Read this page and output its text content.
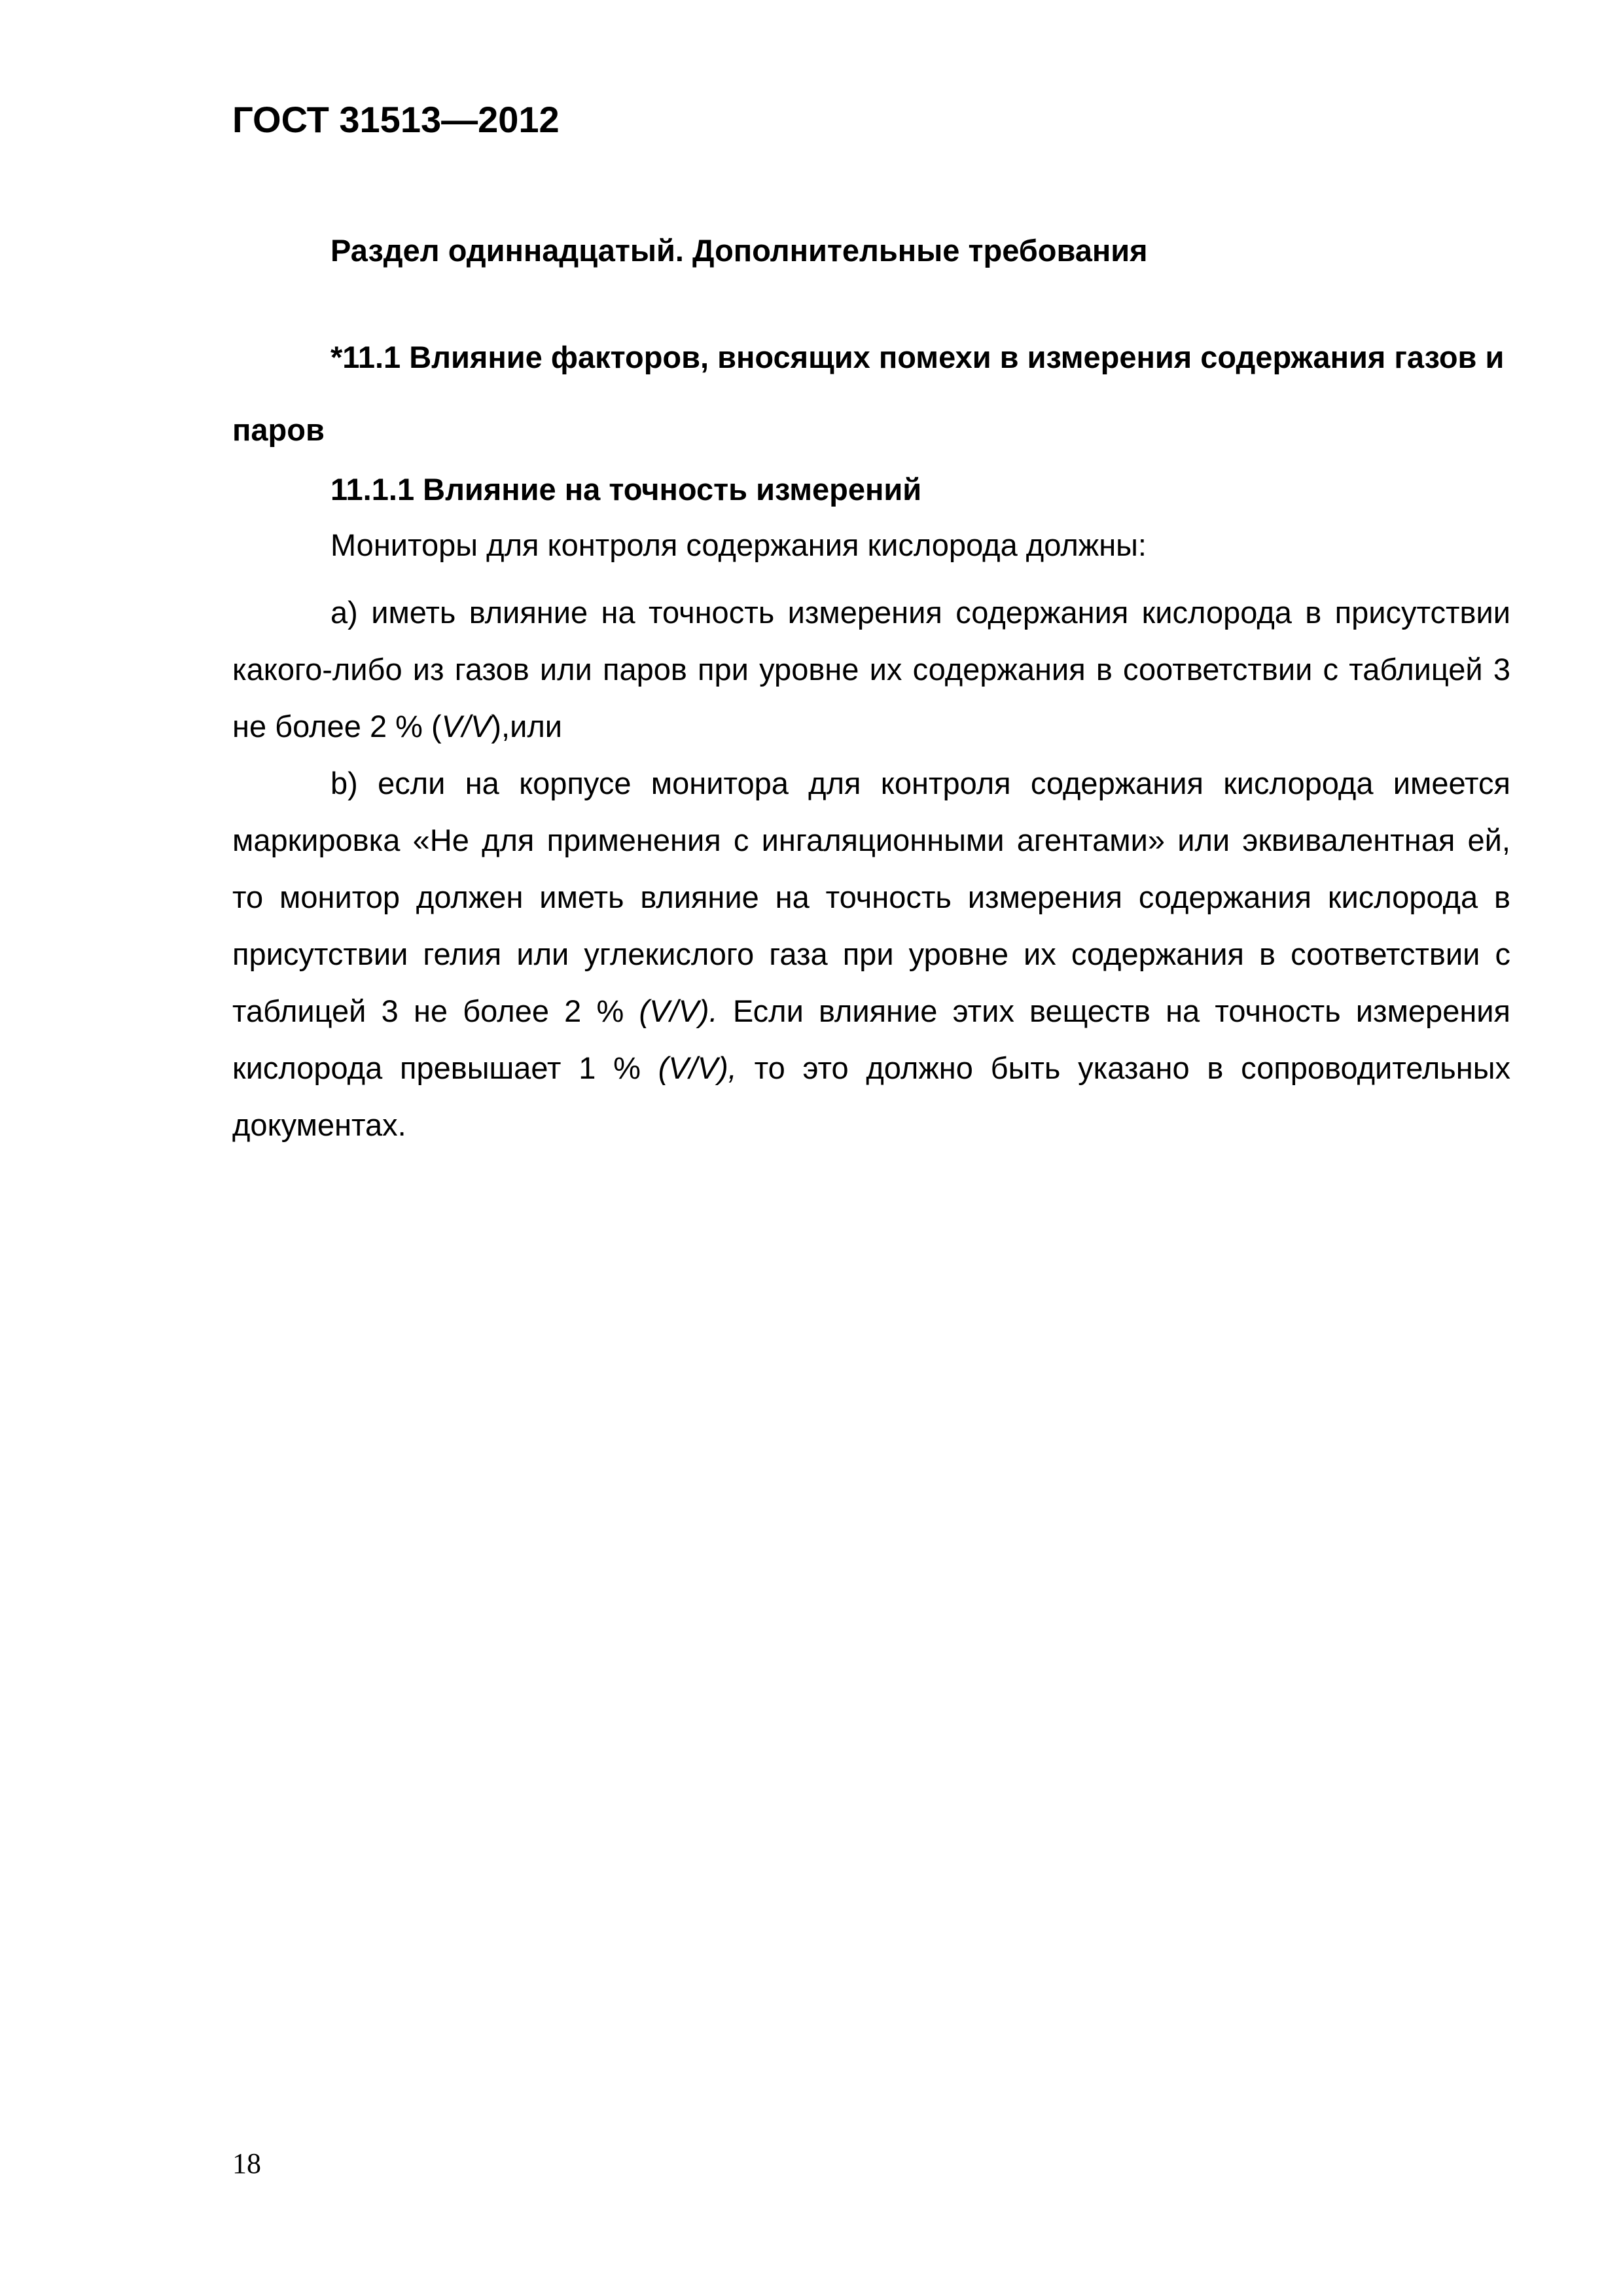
ГОСТ 31513—2012
Раздел одиннадцатый. Дополнительные требования

*11.1 Влияние факторов, вносящих помехи в измерения содержания газов и паров

11.1.1 Влияние на точность измерений
Мониторы для контроля содержания кислорода должны:

а) иметь влияние на точность измерения содержания кислорода в присутствии какого-либо из газов или паров при уровне их содержания в соответствии с таблицей 3 не более 2 % (V/V),или

b) если на корпусе монитора для контроля содержания кислорода имеется маркировка «Не для применения с ингаляционными агентами» или эквивалентная ей, то монитор должен иметь влияние на точность измерения содержания кислорода в присутствии гелия или углекислого газа при уровне их содержания в соответствии с таблицей 3 не более 2 % (V/V). Если влияние этих веществ на точность измерения кислорода превышает 1 % (V/V), то это должно быть указано в сопроводительных документах.

18
